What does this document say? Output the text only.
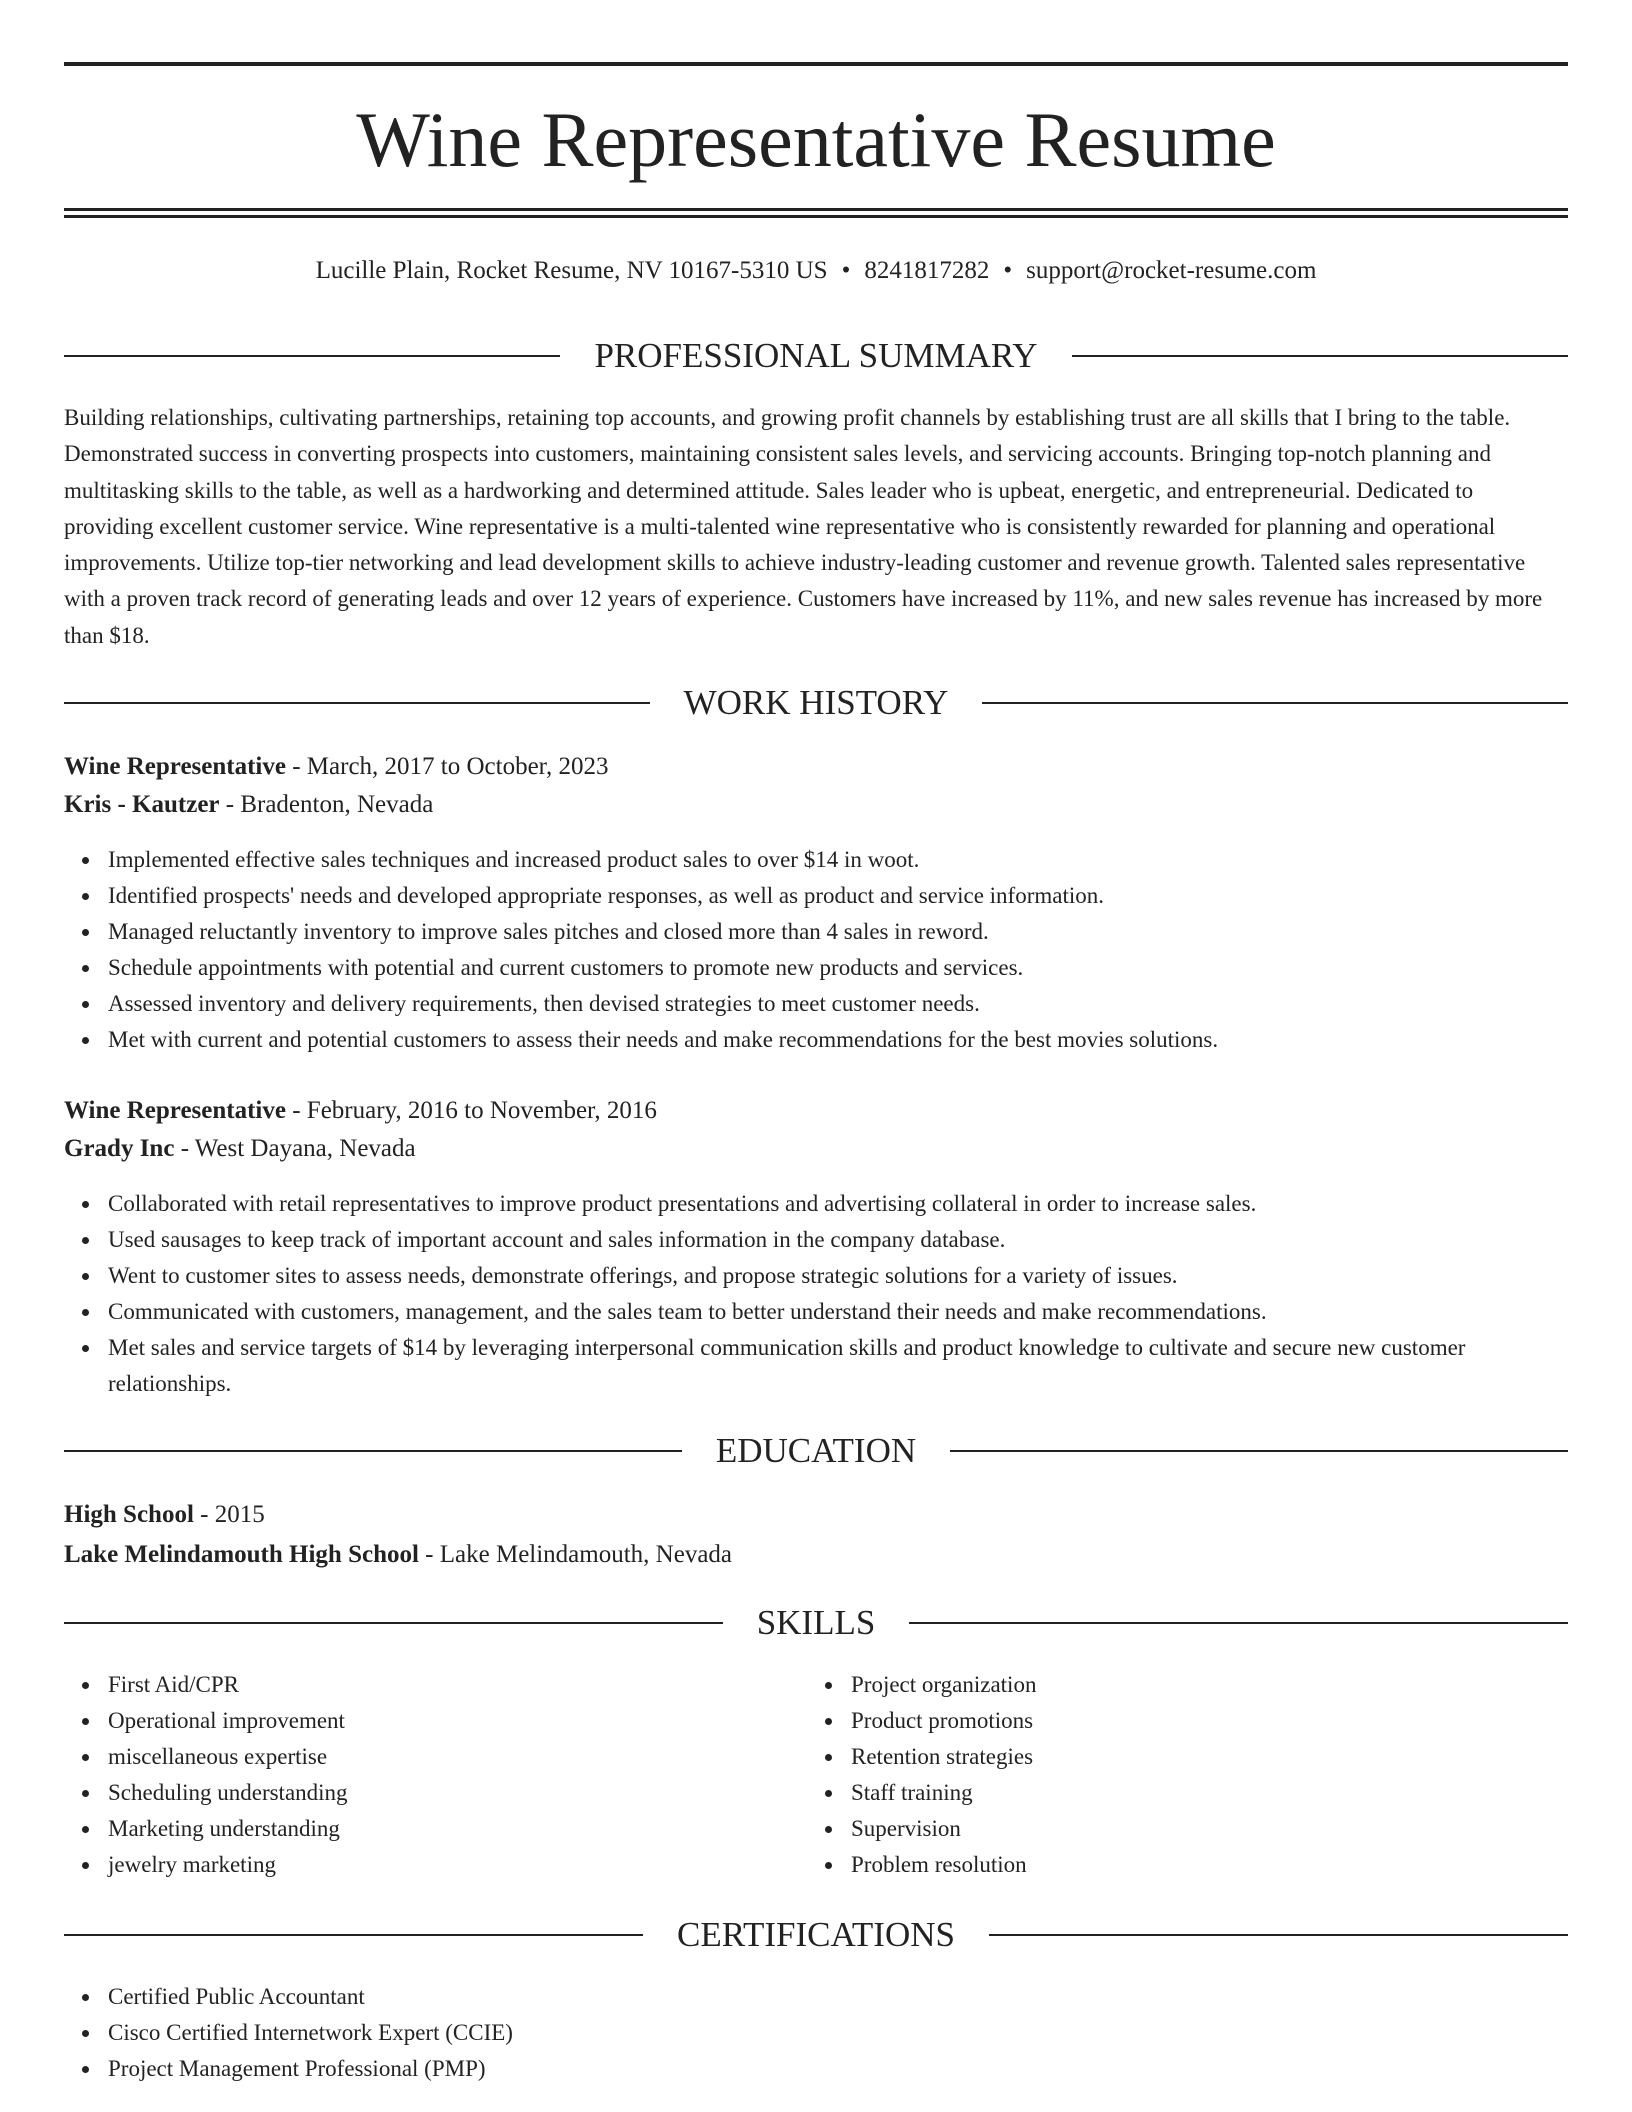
Wine Representative Resume
Lucille Plain, Rocket Resume, NV 10167-5310 US • 8241817282 • support@rocket-resume.com
PROFESSIONAL SUMMARY

Building relationships, cultivating partnerships, retaining top accounts, and growing profit channels by establishing trust are all skills that I bring to the table. Demonstrated success in converting prospects into customers, maintaining consistent sales levels, and servicing accounts. Bringing top-notch planning and multitasking skills to the table, as well as a hardworking and determined attitude. Sales leader who is upbeat, energetic, and entrepreneurial. Dedicated to providing excellent customer service. Wine representative is a multi-talented wine representative who is consistently rewarded for planning and operational improvements. Utilize top-tier networking and lead development skills to achieve industry-leading customer and revenue growth. Talented sales representative with a proven track record of generating leads and over 12 years of experience. Customers have increased by 11%, and new sales revenue has increased by more than $18.

WORK HISTORY
Wine Representative - March, 2017 to October, 2023
Kris - Kautzer - Bradenton, Nevada
Implemented effective sales techniques and increased product sales to over $14 in woot.
Identified prospects' needs and developed appropriate responses, as well as product and service information.
Managed reluctantly inventory to improve sales pitches and closed more than 4 sales in reword.
Schedule appointments with potential and current customers to promote new products and services.
Assessed inventory and delivery requirements, then devised strategies to meet customer needs.
Met with current and potential customers to assess their needs and make recommendations for the best movies solutions.
Wine Representative - February, 2016 to November, 2016
Grady Inc - West Dayana, Nevada
Collaborated with retail representatives to improve product presentations and advertising collateral in order to increase sales.
Used sausages to keep track of important account and sales information in the company database.
Went to customer sites to assess needs, demonstrate offerings, and propose strategic solutions for a variety of issues.
Communicated with customers, management, and the sales team to better understand their needs and make recommendations.
Met sales and service targets of $14 by leveraging interpersonal communication skills and product knowledge to cultivate and secure new customer relationships.
EDUCATION
High School - 2015
Lake Melindamouth High School - Lake Melindamouth, Nevada
SKILLS
First Aid/CPR
Operational improvement
miscellaneous expertise
Scheduling understanding
Marketing understanding
jewelry marketing
Project organization
Product promotions
Retention strategies
Staff training
Supervision
Problem resolution
CERTIFICATIONS
Certified Public Accountant
Cisco Certified Internetwork Expert (CCIE)
Project Management Professional (PMP)
